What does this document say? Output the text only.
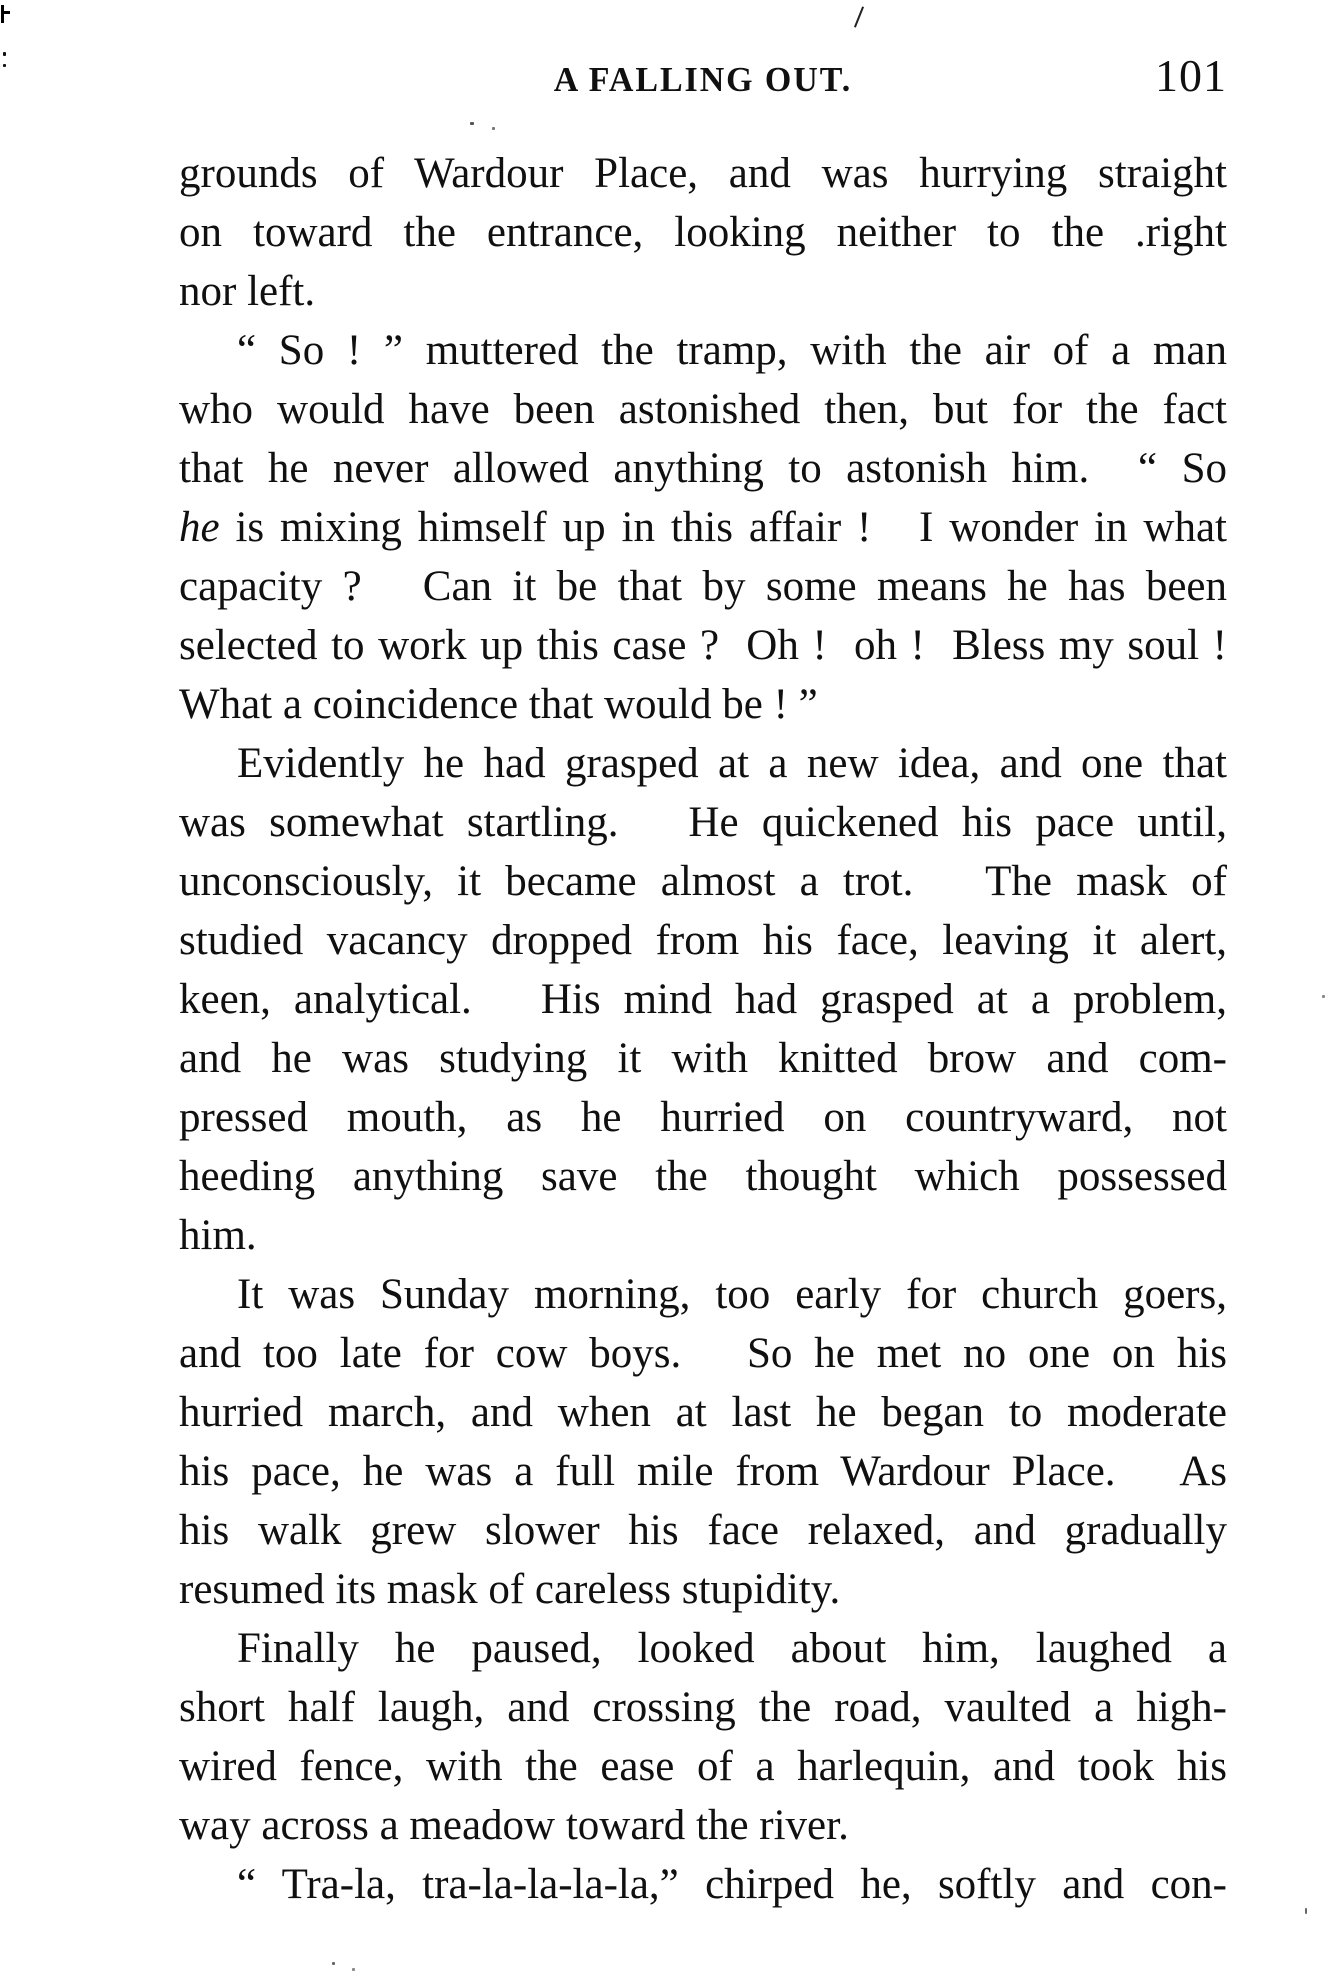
A FALLING OUT.	101
grounds of Wardour Place, and was hurrying straight
on toward the entrance, looking neither to the .right
nor left.
“ So ! ” muttered the tramp, with the air of a man
who would have been astonished then, but for the fact
that he never allowed anything to astonish him.  “ So
he is mixing himself up in this affair !   I wonder in what
capacity ?   Can it be that by some means he has been
selected to work up this case ?  Oh !  oh !  Bless my soul !
What a coincidence that would be ! ”
Evidently he had grasped at a new idea, and one that
was somewhat startling.   He quickened his pace until,
unconsciously, it became almost a trot.   The mask of
studied vacancy dropped from his face, leaving it alert,
keen, analytical.   His mind had grasped at a problem,
and he was studying it with knitted brow and com-
pressed mouth, as he hurried on countryward, not
heeding anything save the thought which possessed
him.
It was Sunday morning, too early for church goers,
and too late for cow boys.   So he met no one on his
hurried march, and when at last he began to moderate
his pace, he was a full mile from Wardour Place.   As
his walk grew slower his face relaxed, and gradually
resumed its mask of careless stupidity.
Finally he paused, looked about him, laughed a
short half laugh, and crossing the road, vaulted a high-
wired fence, with the ease of a harlequin, and took his
way across a meadow toward the river.
“ Tra-la, tra-la-la-la-la,” chirped he, softly and con-
